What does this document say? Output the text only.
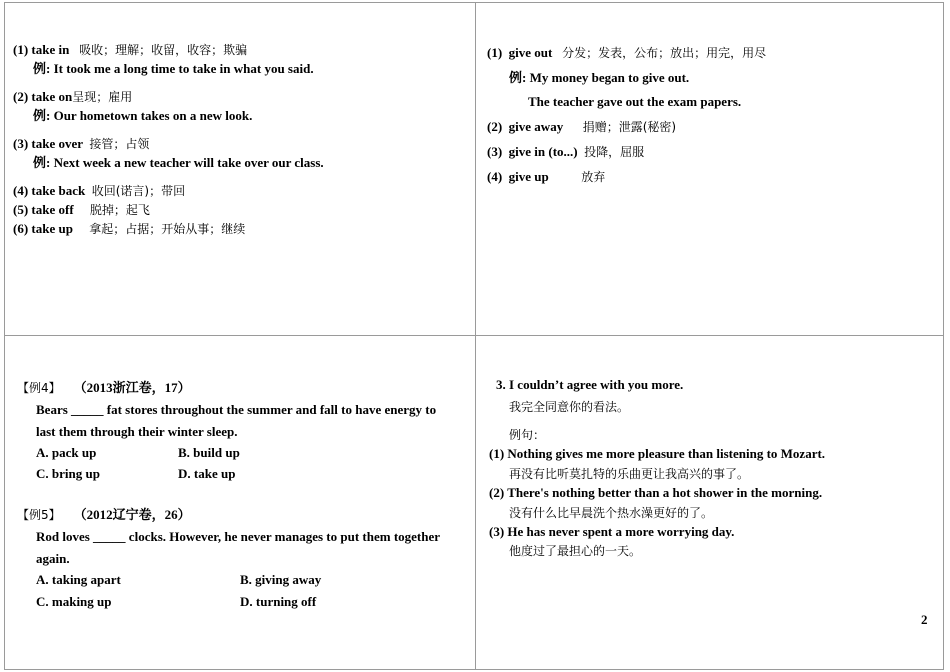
(1) take in 吸收；理解；收留，收容；欺骗
例: It took me a long time to take in what you said.
(2) take on呈现；雇用
例: Our hometown takes on a new look.
(3) take over 接管；占领
例: Next week a new teacher will take over our class.
(4) take back 收回(诺言)；带回
(5) take off 脱掉；起飞
(6) take up 拿起；占据；开始从事；继续
(1) give out 分发；发表，公布；放出；用完，用尽
例: My money began to give out.
The teacher gave out the exam papers.
(2) give away 捐赠；泄露(秘密)
(3) give in (to...) 投降，屈服
(4) give up	放弃
【例4】 （2013浙江卷，17）
Bears _____ fat stores throughout the summer and fall to have energy to
last them through their winter sleep.
A. pack up	B. build up
C. bring up	D. take up
【例5】 （2012辽宁卷，26）
Rod loves _____ clocks. However, he never manages to put them together
again.
A. taking apart	B. giving away
C. making up	D. turning off
3. I couldn’t agree with you more.
我完全同意你的看法。
例句：
(1) Nothing gives me more pleasure than listening to Mozart.
再没有比听莫扎特的乐曲更让我高兴的事了。
(2) There's nothing better than a hot shower in the morning.
没有什么比早晨洗个热水澡更好的了。
(3) He has never spent a more worrying day.
他度过了最担心的一天。
2
